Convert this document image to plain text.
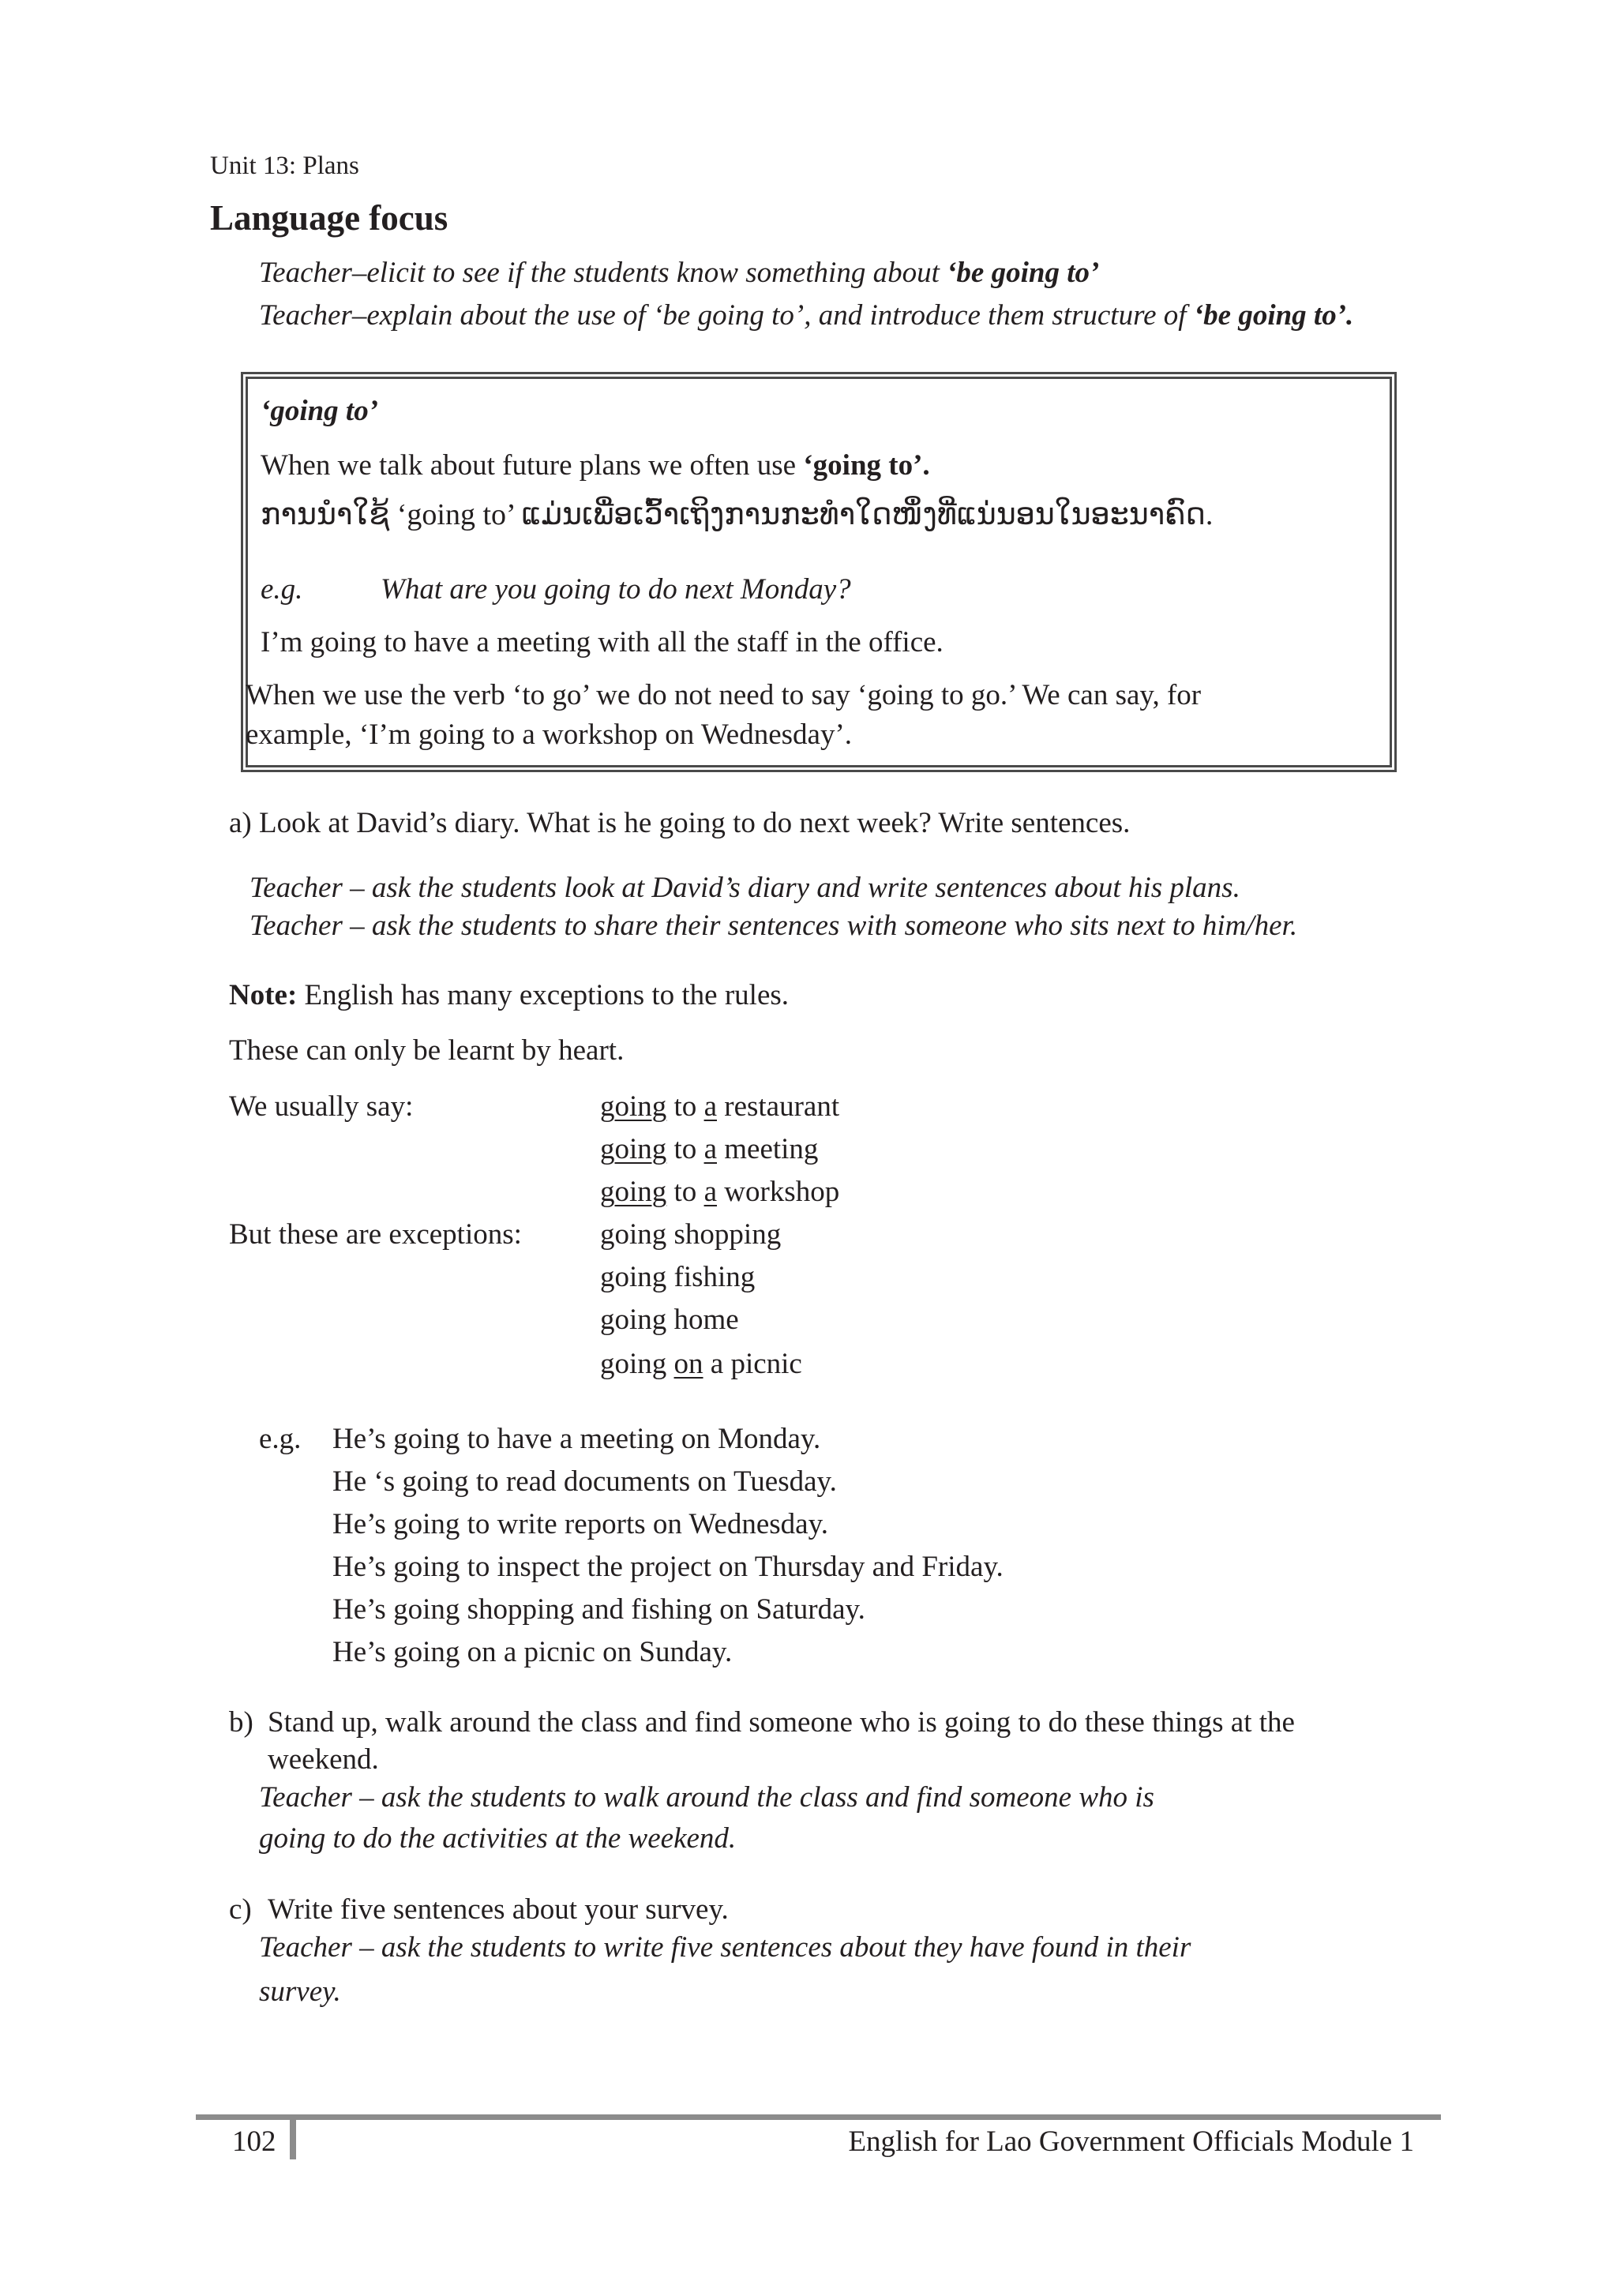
Unit 13: Plans
Language focus
Teacher–elicit to see if the students know something about ‘be going to’
Teacher–explain about the use of ‘be going to’, and introduce them structure of ‘be going to’.
‘going to’
When we talk about future plans we often use ‘going to’.
ການນໍາໃຊ້ ‘going to’ ແມ່ນເພື່ອເວົ້າເຖິງການກະທໍາໃດໜຶ່ງທີ່ແນ່ນອນໃນອະນາຄົດ.
e.g.	What are you going to do next Monday?
I’m going to have a meeting with all the staff in the office.
When we use the verb ‘to go’ we do not need to say ‘going to go.’ We can say, for
example, ‘I’m going to a workshop on Wednesday’.
a) Look at David’s diary. What is he going to do next week? Write sentences.
Teacher – ask the students look at David’s diary and write sentences about his plans.
Teacher – ask the students to share their sentences with someone who sits next to him/her.
Note: English has many exceptions to the rules.
These can only be learnt by heart.
We usually say:	going to a restaurant
going to a meeting
going to a workshop
But these are exceptions:	going shopping
going fishing
going home
going on a picnic
e.g. He’s going to have a meeting on Monday.
He ‘s going to read documents on Tuesday.
He’s going to write reports on Wednesday.
He’s going to inspect the project on Thursday and Friday.
He’s going shopping and fishing on Saturday.
He’s going on a picnic on Sunday.
b) Stand up, walk around the class and find someone who is going to do these things at the
weekend.
Teacher – ask the students to walk around the class and find someone who is
going to do the activities at the weekend.
c) Write five sentences about your survey.
Teacher – ask the students to write five sentences about they have found in their
survey.
102	English for Lao Government Officials Module 1
